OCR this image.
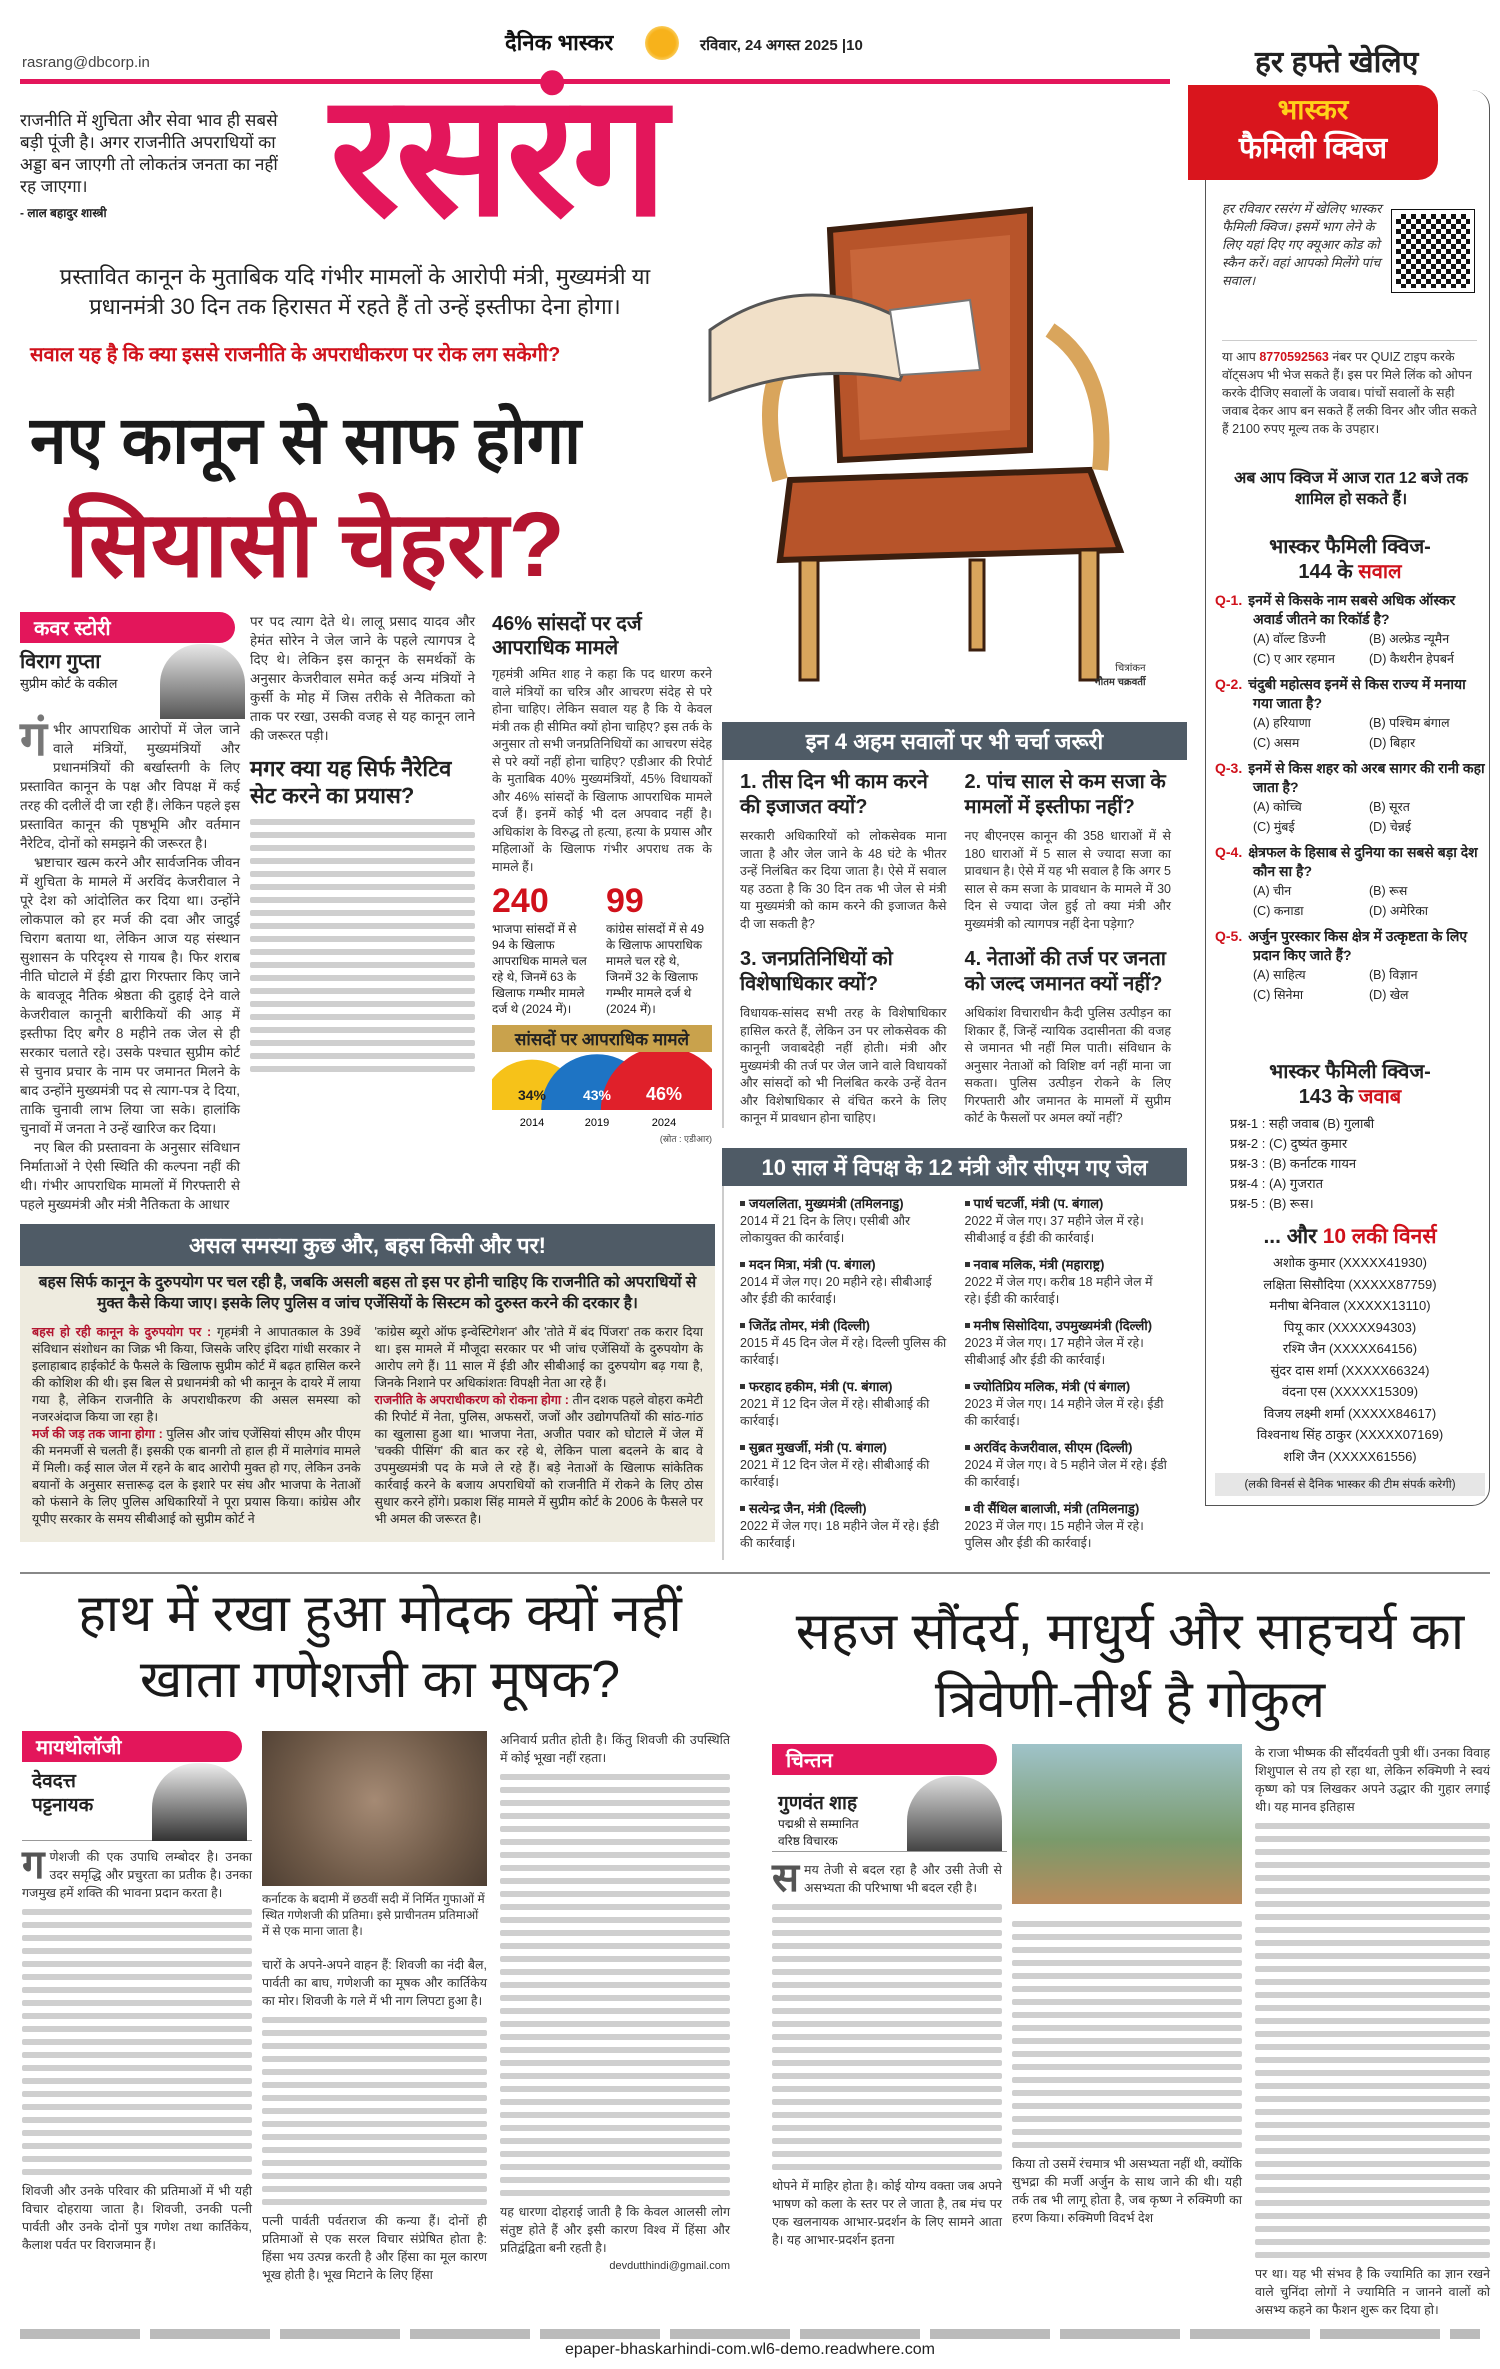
rasrang@dbcorp.in
दैनिक भास्कर	रविवार, 24 अगस्त 2025 |10
रसरंग	हर हफ्ते खेलिए
राजनीति में शुचिता और सेवा भाव ही सबसे बड़ी पूंजी है। अगर राजनीति अपराधियों का अड्डा बन जाएगी तो लोकतंत्र जनता का नहीं रह जाएगा।
- लाल बहादुर शास्त्री
प्रस्तावित कानून के मुताबिक यदि गंभीर मामलों के आरोपी मंत्री, मुख्यमंत्री या प्रधानमंत्री 30 दिन तक हिरासत में रहते हैं तो उन्हें इस्तीफा देना होगा।
सवाल यह है कि क्या इससे राजनीति के अपराधीकरण पर रोक लग सकेगी?
नए कानून से साफ होगा
सियासी चेहरा?
चित्रांकन
गौतम चक्रवर्ती
कवर स्टोरी
विराग गुप्ता
सुप्रीम कोर्ट के वकील

गंभीर आपराधिक आरोपों में जेल जाने वाले मंत्रियों, मुख्यमंत्रियों और प्रधानमंत्रियों की बर्खास्तगी के लिए प्रस्तावित कानून के पक्ष और विपक्ष में कई तरह की दलीलें दी जा रही हैं। लेकिन पहले इस प्रस्तावित कानून की पृष्ठभूमि और वर्तमान नैरेटिव, दोनों को समझने की जरूरत है।

भ्रष्टाचार खत्म करने और सार्वजनिक जीवन में शुचिता के मामले में अरविंद केजरीवाल ने पूरे देश को आंदोलित कर दिया था। उन्होंने लोकपाल को हर मर्ज की दवा और जादुई चिराग बताया था, लेकिन आज यह संस्थान सुशासन के परिदृश्य से गायब है। फिर शराब नीति घोटाले में ईडी द्वारा गिरफ्तार किए जाने के बावजूद नैतिक श्रेष्ठता की दुहाई देने वाले केजरीवाल कानूनी बारीकियों की आड़ में इस्तीफा दिए बगैर 8 महीने तक जेल से ही सरकार चलाते रहे। उसके पश्चात सुप्रीम कोर्ट से चुनाव प्रचार के नाम पर जमानत मिलने के बाद उन्होंने मुख्यमंत्री पद से त्याग-पत्र दे दिया, ताकि चुनावी लाभ लिया जा सके। हालांकि चुनावों में जनता ने उन्हें खारिज कर दिया।

नए बिल की प्रस्तावना के अनुसार संविधान निर्माताओं ने ऐसी स्थिति की कल्पना नहीं की थी। गंभीर आपराधिक मामलों में गिरफ्तारी से पहले मुख्यमंत्री और मंत्री नैतिकता के आधार

पर पद त्याग देते थे। लालू प्रसाद यादव और हेमंत सोरेन ने जेल जाने के पहले त्यागपत्र दे दिए थे। लेकिन इस कानून के समर्थकों के अनुसार केजरीवाल समेत कई अन्य मंत्रियों ने कुर्सी के मोह में जिस तरीके से नैतिकता को ताक पर रखा, उसकी वजह से यह कानून लाने की जरूरत पड़ी।

मगर क्या यह सिर्फ नैरेटिव सेट करने का प्रयास?
46% सांसदों पर दर्ज आपराधिक मामले

गृहमंत्री अमित शाह ने कहा कि पद धारण करने वाले मंत्रियों का चरित्र और आचरण संदेह से परे होना चाहिए। लेकिन सवाल यह है कि ये केवल मंत्री तक ही सीमित क्यों होना चाहिए? इस तर्क के अनुसार तो सभी जनप्रतिनिधियों का आचरण संदेह से परे क्यों नहीं होना चाहिए? एडीआर की रिपोर्ट के मुताबिक 40% मुख्यमंत्रियों, 45% विधायकों और 46% सांसदों के खिलाफ आपराधिक मामले दर्ज हैं। इनमें कोई भी दल अपवाद नहीं है। अधिकांश के विरुद्ध तो हत्या, हत्या के प्रयास और महिलाओं के खिलाफ गंभीर अपराध तक के मामले हैं।

240
भाजपा सांसदों में से 94 के खिलाफ आपराधिक मामले चल रहे थे, जिनमें 63 के खिलाफ गम्भीर मामले दर्ज थे (2024 में)।
99
कांग्रेस सांसदों में से 49 के खिलाफ आपराधिक मामले चल रहे थे, जिनमें 32 के खिलाफ गम्भीर मामले दर्ज थे (2024 में)।
सांसदों पर आपराधिक मामले
34%
2014
43%
2019
46%
2024
(स्रोत : एडीआर)
इन 4 अहम सवालों पर भी चर्चा जरूरी
1. तीस दिन भी काम करने की इजाजत क्यों?
सरकारी अधिकारियों को लोकसेवक माना जाता है और जेल जाने के 48 घंटे के भीतर उन्हें निलंबित कर दिया जाता है। ऐसे में सवाल यह उठता है कि 30 दिन तक भी जेल से मंत्री या मुख्यमंत्री को काम करने की इजाजत कैसे दी जा सकती है?
2. पांच साल से कम सजा के मामलों में इस्तीफा नहीं?
नए बीएनएस कानून की 358 धाराओं में से 180 धाराओं में 5 साल से ज्यादा सजा का प्रावधान है। ऐसे में यह भी सवाल है कि अगर 5 साल से कम सजा के प्रावधान के मामले में 30 दिन से ज्यादा जेल हुई तो क्या मंत्री और मुख्यमंत्री को त्यागपत्र नहीं देना पड़ेगा?
3. जनप्रतिनिधियों को विशेषाधिकार क्यों?
विधायक-सांसद सभी तरह के विशेषाधिकार हासिल करते हैं, लेकिन उन पर लोकसेवक की कानूनी जवाबदेही नहीं होती। मंत्री और मुख्यमंत्री की तर्ज पर जेल जाने वाले विधायकों और सांसदों को भी निलंबित करके उन्हें वेतन और विशेषाधिकार से वंचित करने के लिए कानून में प्रावधान होना चाहिए।
4. नेताओं की तर्ज पर जनता को जल्द जमानत क्यों नहीं?
अधिकांश विचाराधीन कैदी पुलिस उत्पीड़न का शिकार हैं, जिन्हें न्यायिक उदासीनता की वजह से जमानत भी नहीं मिल पाती। संविधान के अनुसार नेताओं को विशिष्ट वर्ग नहीं माना जा सकता। पुलिस उत्पीड़न रोकने के लिए गिरफ्तारी और जमानत के मामलों में सुप्रीम कोर्ट के फैसलों पर अमल क्यों नहीं?
10 साल में विपक्ष के 12 मंत्री और सीएम गए जेल
जयललिता, मुख्यमंत्री (तमिलनाडु)
2014 में 21 दिन के लिए। एसीबी और लोकायुक्त की कार्रवाई।
पार्थ चटर्जी, मंत्री (प. बंगाल)
2022 में जेल गए। 37 महीने जेल में रहे। सीबीआई व ईडी की कार्रवाई।
मदन मित्रा, मंत्री (प. बंगाल)
2014 में जेल गए। 20 महीने रहे। सीबीआई और ईडी की कार्रवाई।
नवाब मलिक, मंत्री (महाराष्ट्र)
2022 में जेल गए। करीब 18 महीने जेल में रहे। ईडी की कार्रवाई।
जितेंद्र तोमर, मंत्री (दिल्ली)
2015 में 45 दिन जेल में रहे। दिल्ली पुलिस की कार्रवाई।
मनीष सिसोदिया, उपमुख्यमंत्री (दिल्ली)
2023 में जेल गए। 17 महीने जेल में रहे। सीबीआई और ईडी की कार्रवाई।
फरहाद हकीम, मंत्री (प. बंगाल)
2021 में 12 दिन जेल में रहे। सीबीआई की कार्रवाई।
ज्योतिप्रिय मलिक, मंत्री (पं बंगाल)
2023 में जेल गए। 14 महीने जेल में रहे। ईडी की कार्रवाई।
सुब्रत मुखर्जी, मंत्री (प. बंगाल)
2021 में 12 दिन जेल में रहे। सीबीआई की कार्रवाई।
अरविंद केजरीवाल, सीएम (दिल्ली)
2024 में जेल गए। वे 5 महीने जेल में रहे। ईडी की कार्रवाई।
सत्येन्द्र जैन, मंत्री (दिल्ली)
2022 में जेल गए। 18 महीने जेल में रहे। ईडी की कार्रवाई।
वी सैंथिल बालाजी, मंत्री (तमिलनाडु)
2023 में जेल गए। 15 महीने जेल में रहे। पुलिस और ईडी की कार्रवाई।
असल समस्या कुछ और, बहस किसी और पर!
बहस सिर्फ कानून के दुरुपयोग पर चल रही है, जबकि असली बहस तो इस पर होनी चाहिए कि राजनीति को अपराधियों से मुक्त कैसे किया जाए। इसके लिए पुलिस व जांच एजेंसियों के सिस्टम को दुरुस्त करने की दरकार है।
बहस हो रही कानून के दुरुपयोग पर : गृहमंत्री ने आपातकाल के 39वें संविधान संशोधन का जिक्र भी किया, जिसके जरिए इंदिरा गांधी सरकार ने इलाहाबाद हाईकोर्ट के फैसले के खिलाफ सुप्रीम कोर्ट में बढ़त हासिल करने की कोशिश की थी। इस बिल से प्रधानमंत्री को भी कानून के दायरे में लाया गया है, लेकिन राजनीति के अपराधीकरण की असल समस्या को नजरअंदाज किया जा रहा है।
मर्ज की जड़ तक जाना होगा : पुलिस और जांच एजेंसियां सीएम और पीएम की मनमर्जी से चलती हैं। इसकी एक बानगी तो हाल ही में मालेगांव मामले में मिली। कई साल जेल में रहने के बाद आरोपी मुक्त हो गए, लेकिन उनके बयानों के अनुसार सत्तारूढ़ दल के इशारे पर संघ और भाजपा के नेताओं को फंसाने के लिए पुलिस अधिकारियों ने पूरा प्रयास किया। कांग्रेस और यूपीए सरकार के समय सीबीआई को सुप्रीम कोर्ट ने
'कांग्रेस ब्यूरो ऑफ इन्वेस्टिगेशन' और 'तोते में बंद पिंजरा' तक करार दिया था। इस मामले में मौजूदा सरकार पर भी जांच एजेंसियों के दुरुपयोग के आरोप लगे हैं। 11 साल में ईडी और सीबीआई का दुरुपयोग बढ़ गया है, जिनके निशाने पर अधिकांशतः विपक्षी नेता आ रहे हैं।
राजनीति के अपराधीकरण को रोकना होगा : तीन दशक पहले वोहरा कमेटी की रिपोर्ट में नेता, पुलिस, अफसरों, जजों और उद्योगपतियों की सांठ-गांठ का खुलासा हुआ था। भाजपा नेता, अजीत पवार को घोटाले में जेल में 'चक्की पीसिंग' की बात कर रहे थे, लेकिन पाला बदलने के बाद वे उपमुख्यमंत्री पद के मजे ले रहे हैं। बड़े नेताओं के खिलाफ सांकेतिक कार्रवाई करने के बजाय अपराधियों को राजनीति में रोकने के लिए ठोस सुधार करने होंगे। प्रकाश सिंह मामले में सुप्रीम कोर्ट के 2006 के फैसले पर भी अमल की जरूरत है।
भास्कर
फैमिली क्विज
हर रविवार रसरंग में खेलिए भास्कर फैमिली क्विज। इसमें भाग लेने के लिए यहां दिए गए क्यूआर कोड को स्कैन करें। वहां आपको मिलेंगे पांच सवाल।
या आप 8770592563 नंबर पर QUIZ टाइप करके वॉट्सअप भी भेज सकते हैं। इस पर मिले लिंक को ओपन करके दीजिए सवालों के जवाब। पांचों सवालों के सही जवाब देकर आप बन सकते हैं लकी विनर और जीत सकते हैं 2100 रुपए मूल्य तक के उपहार।
अब आप क्विज में आज रात 12 बजे तक शामिल हो सकते हैं।
भास्कर फैमिली क्विज-
144 के सवाल
Q-1. इनमें से किसके नाम सबसे अधिक ऑस्कर अवार्ड जीतने का रिकॉर्ड है?
(A) वॉल्ट डिज्नी	(B) अल्फ्रेड न्यूमैन
(C) ए आर रहमान	(D) कैथरीन हेपबर्न
Q-2. चंदुबी महोत्सव इनमें से किस राज्य में मनाया गया जाता है?
(A) हरियाणा	(B) पश्चिम बंगाल
(C) असम	(D) बिहार
Q-3. इनमें से किस शहर को अरब सागर की रानी कहा जाता है?
(A) कोच्चि	(B) सूरत
(C) मुंबई	(D) चेन्नई
Q-4. क्षेत्रफल के हिसाब से दुनिया का सबसे बड़ा देश कौन सा है?
(A) चीन	(B) रूस
(C) कनाडा	(D) अमेरिका
Q-5. अर्जुन पुरस्कार किस क्षेत्र में उत्कृष्टता के लिए प्रदान किए जाते हैं?
(A) साहित्य	(B) विज्ञान
(C) सिनेमा	(D) खेल
भास्कर फैमिली क्विज-
143 के जवाब
प्रश्न-1 : सही जवाब (B) गुलाबी
प्रश्न-2 : (C) दुष्यंत कुमार
प्रश्न-3 : (B) कर्नाटक गायन
प्रश्न-4 : (A) गुजरात
प्रश्न-5 : (B) रूस।
... और 10 लकी विनर्स
अशोक कुमार (XXXXX41930)
लक्षिता सिसौदिया (XXXXX87759)
मनीषा बेनिवाल (XXXXX13110)
पियू कार (XXXXX94303)
रश्मि जैन (XXXXX64156)
सुंदर दास शर्मा (XXXXX66324)
वंदना एस (XXXXX15309)
विजय लक्ष्मी शर्मा (XXXXX84617)
विश्वनाथ सिंह ठाकुर (XXXXX07169)
शशि जैन (XXXXX61556)
(लकी विनर्स से दैनिक भास्कर की टीम संपर्क करेगी)
हाथ में रखा हुआ मोदक क्यों नहीं खाता गणेशजी का मूषक?
मायथोलॉजी
देवदत्त पट्टनायक

गणेशजी की एक उपाधि लम्बोदर है। उनका उदर समृद्धि और प्रचुरता का प्रतीक है। उनका गजमुख हमें शक्ति की भावना प्रदान करता है।

शिवजी और उनके परिवार की प्रतिमाओं में भी यही विचार दोहराया जाता है। शिवजी, उनकी पत्नी पार्वती और उनके दोनों पुत्र गणेश तथा कार्तिकेय, कैलाश पर्वत पर विराजमान हैं।

कर्नाटक के बदामी में छठवीं सदी में निर्मित गुफाओं में स्थित गणेशजी की प्रतिमा। इसे प्राचीनतम प्रतिमाओं में से एक माना जाता है।

चारों के अपने-अपने वाहन हैं: शिवजी का नंदी बैल, पार्वती का बाघ, गणेशजी का मूषक और कार्तिकेय का मोर। शिवजी के गले में भी नाग लिपटा हुआ है।

पत्नी पार्वती पर्वतराज की कन्या हैं। दोनों ही प्रतिमाओं से एक सरल विचार संप्रेषित होता है: हिंसा भय उत्पन्न करती है और हिंसा का मूल कारण भूख होती है। भूख मिटाने के लिए हिंसा

अनिवार्य प्रतीत होती है। किंतु शिवजी की उपस्थिति में कोई भूखा नहीं रहता।

यह धारणा दोहराई जाती है कि केवल आलसी लोग संतुष्ट होते हैं और इसी कारण विश्व में हिंसा और प्रतिद्वंद्विता बनी रहती है।

devdutthindi@gmail.com
सहज सौंदर्य, माधुर्य और साहचर्य का त्रिवेणी-तीर्थ है गोकुल
चिन्तन
गुणवंत शाह
पद्मश्री से सम्मानित
वरिष्ठ विचारक

समय तेजी से बदल रहा है और उसी तेजी से असभ्यता की परिभाषा भी बदल रही है।

थोपने में माहिर होता है। कोई योग्य वक्ता जब अपने भाषण को कला के स्तर पर ले जाता है, तब मंच पर एक खलनायक आभार-प्रदर्शन के लिए सामने आता है। यह आभार-प्रदर्शन इतना

किया तो उसमें रंचमात्र भी असभ्यता नहीं थी, क्योंकि सुभद्रा की मर्जी अर्जुन के साथ जाने की थी। यही तर्क तब भी लागू होता है, जब कृष्ण ने रुक्मिणी का हरण किया। रुक्मिणी विदर्भ देश

के राजा भीष्मक की सौंदर्यवती पुत्री थीं। उनका विवाह शिशुपाल से तय हो रहा था, लेकिन रुक्मिणी ने स्वयं कृष्ण को पत्र लिखकर अपने उद्धार की गुहार लगाई थी। यह मानव इतिहास

पर था। यह भी संभव है कि ज्यामिति का ज्ञान रखने वाले चुनिंदा लोगों ने ज्यामिति न जानने वालों को असभ्य कहने का फैशन शुरू कर दिया हो।

epaper-bhaskarhindi-com.wl6-demo.readwhere.com
